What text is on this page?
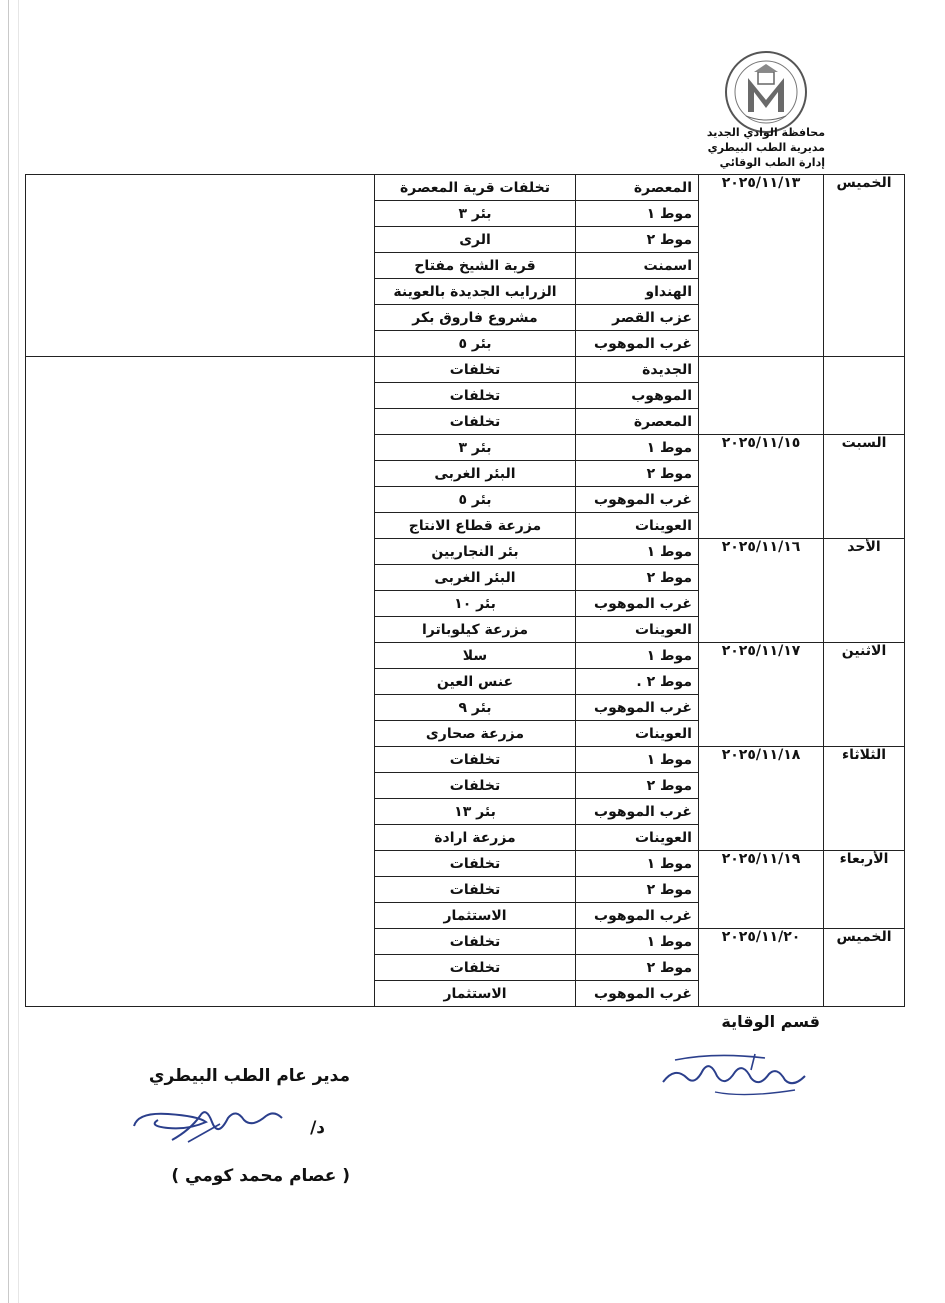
محافظة الوادي الجديد
مديرية الطب البيطري
إدارة الطب الوقائي
الخميس	٢٠٢٥/١١/١٣	المعصرة	تخلفات قرية المعصرة	
		موط ١	بئر ٣	
		موط ٢	الرى	
		اسمنت	قرية الشيخ مفتاح	
		الهنداو	الزرايب الجديدة بالعوينة	
		عزب القصر	مشروع فاروق بكر	
		غرب الموهوب	بئر ٥	
		الجديدة	تخلفات	
		الموهوب	تخلفات	
		المعصرة	تخلفات	
السبت	٢٠٢٥/١١/١٥	موط ١	بئر ٣	
		موط ٢	البئر الغربى	
		غرب الموهوب	بئر ٥	
		العوينات	مزرعة قطاع الانتاج	
الأحد	٢٠٢٥/١١/١٦	موط ١	بئر النجاريين	
		موط ٢	البئر الغربى	
		غرب الموهوب	بئر ١٠	
		العوينات	مزرعة كيلوباترا	
الاثنين	٢٠٢٥/١١/١٧	موط ١	سلا	
		موط ٢ .	عنس العين	
		غرب الموهوب	بئر ٩	
		العوينات	مزرعة صحارى	
الثلاثاء	٢٠٢٥/١١/١٨	موط ١	تخلفات	
		موط ٢	تخلفات	
		غرب الموهوب	بئر ١٣	
		العوينات	مزرعة ارادة	
الأربعاء	٢٠٢٥/١١/١٩	موط ١	تخلفات	
		موط ٢	تخلفات	
		غرب الموهوب	الاستثمار	
الخميس	٢٠٢٥/١١/٢٠	موط ١	تخلفات	
		موط ٢	تخلفات	
		غرب الموهوب	الاستثمار	
قسم الوقاية
مدير عام الطب البيطري
د/
( عصام محمد كومي )
